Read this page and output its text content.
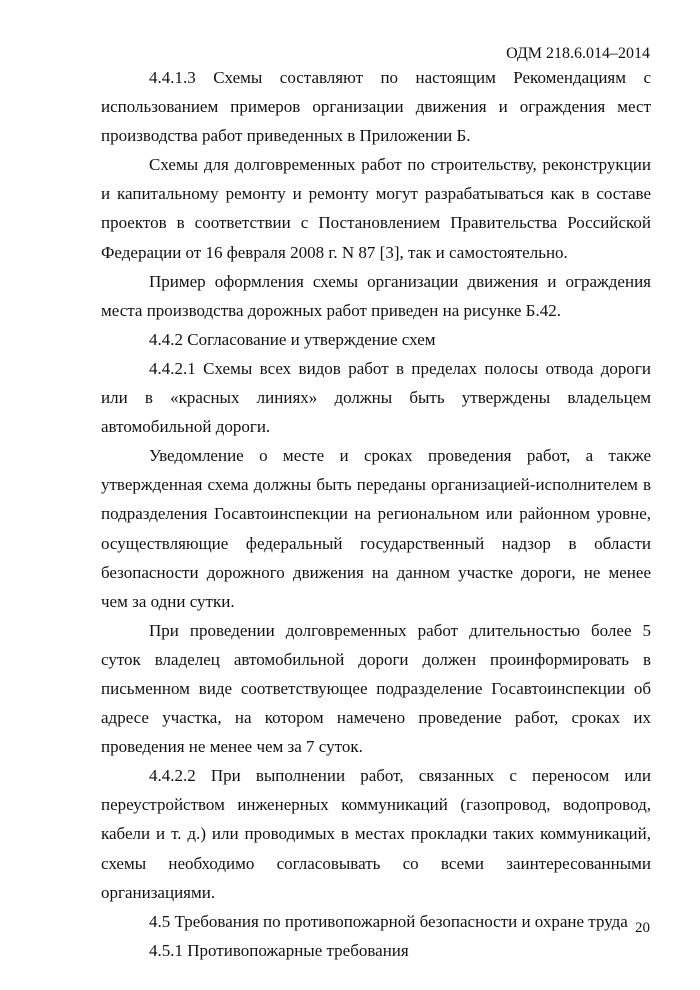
ОДМ 218.6.014–2014

4.4.1.3 Схемы составляют по настоящим Рекомендациям с использованием примеров организации движения и ограждения мест производства работ приведенных в Приложении Б.

Схемы для долговременных работ по строительству, реконструкции и капитальному ремонту и ремонту могут разрабатываться как в составе проектов в соответствии с Постановлением Правительства Российской Федерации от 16 февраля 2008 г. N 87 [3], так и самостоятельно.

Пример оформления схемы организации движения и ограждения места производства дорожных работ приведен на рисунке Б.42.

4.4.2 Согласование и утверждение схем

4.4.2.1 Схемы всех видов работ в пределах полосы отвода дороги или в «красных линиях» должны быть утверждены владельцем автомобильной дороги.

Уведомление о месте и сроках проведения работ, а также утвержденная схема должны быть переданы организацией-исполнителем в подразделения Госавтоинспекции на региональном или районном уровне, осуществляющие федеральный государственный надзор в области безопасности дорожного движения на данном участке дороги, не менее чем за одни сутки.

При проведении долговременных работ длительностью более 5 суток владелец автомобильной дороги должен проинформировать в письменном виде соответствующее подразделение Госавтоинспекции об адресе участка, на котором намечено проведение работ, сроках их проведения не менее чем за 7 суток.

4.4.2.2 При выполнении работ, связанных с переносом или переустройством инженерных коммуникаций (газопровод, водопровод, кабели и т. д.) или проводимых в местах прокладки таких коммуникаций, схемы необходимо согласовывать со всеми заинтересованными организациями.

4.5 Требования по противопожарной безопасности и охране труда

4.5.1 Противопожарные требования

20
